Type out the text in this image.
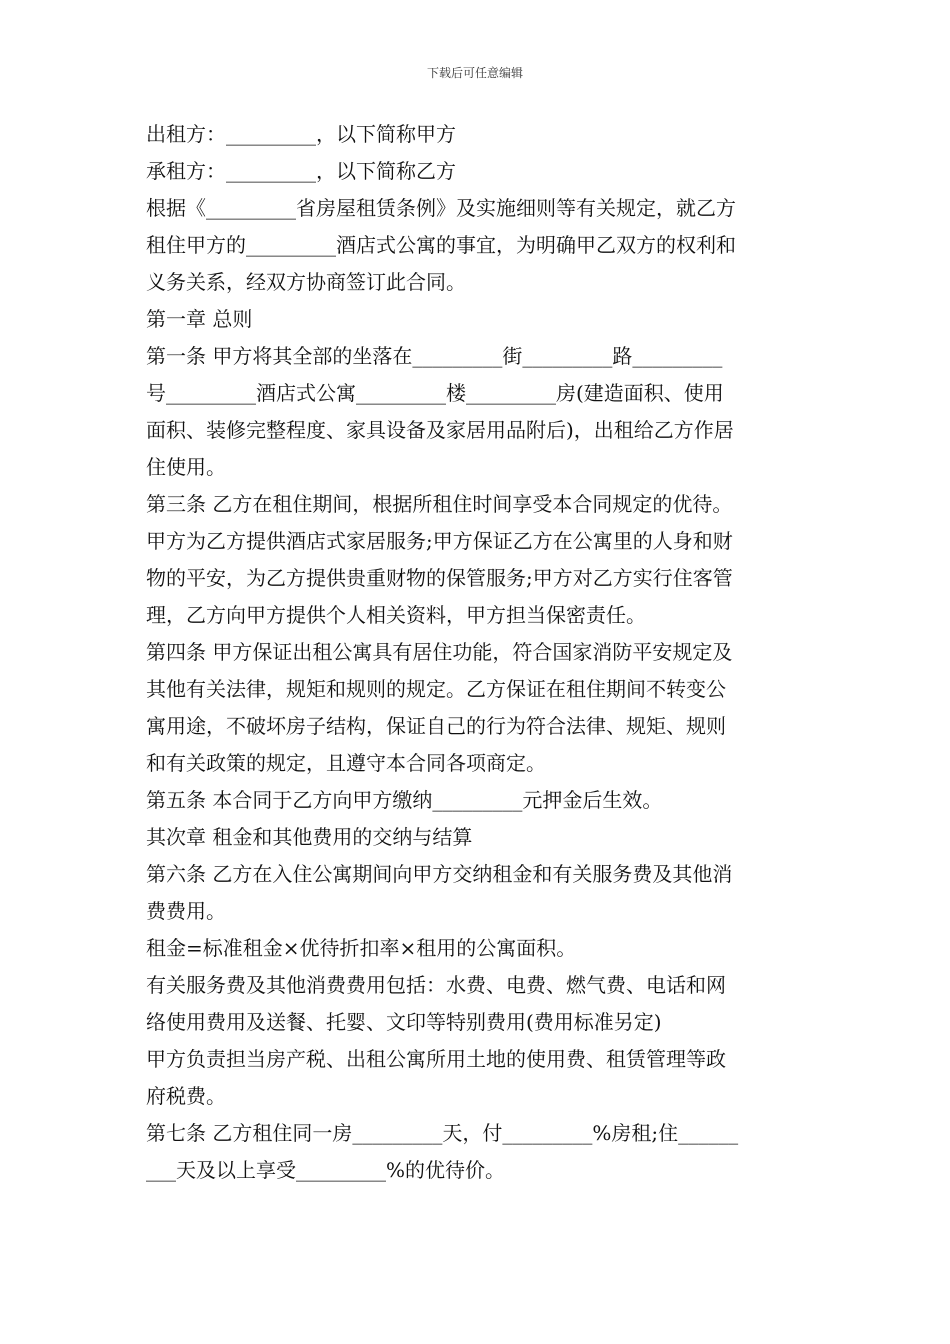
下载后可任意编辑
出租方：_________，以下简称甲方
承租方：_________，以下简称乙方
根据《_________省房屋租赁条例》及实施细则等有关规定，就乙方
租住甲方的_________酒店式公寓的事宜，为明确甲乙双方的权利和
义务关系，经双方协商签订此合同。
第一章 总则
第一条 甲方将其全部的坐落在_________街_________路_________
号_________酒店式公寓_________楼_________房(建造面积、使用
面积、装修完整程度、家具设备及家居用品附后)，出租给乙方作居
住使用。
第三条 乙方在租住期间，根据所租住时间享受本合同规定的优待。
甲方为乙方提供酒店式家居服务;甲方保证乙方在公寓里的人身和财
物的平安，为乙方提供贵重财物的保管服务;甲方对乙方实行住客管
理，乙方向甲方提供个人相关资料，甲方担当保密责任。
第四条 甲方保证出租公寓具有居住功能，符合国家消防平安规定及
其他有关法律，规矩和规则的规定。乙方保证在租住期间不转变公
寓用途，不破坏房子结构，保证自己的行为符合法律、规矩、规则
和有关政策的规定，且遵守本合同各项商定。
第五条 本合同于乙方向甲方缴纳_________元押金后生效。
其次章 租金和其他费用的交纳与结算
第六条 乙方在入住公寓期间向甲方交纳租金和有关服务费及其他消
费费用。
租金=标准租金×优待折扣率×租用的公寓面积。
有关服务费及其他消费费用包括：水费、电费、燃气费、电话和网
络使用费用及送餐、托婴、文印等特别费用(费用标准另定)
甲方负责担当房产税、出租公寓所用土地的使用费、租赁管理等政
府税费。
第七条 乙方租住同一房_________天，付_________%房租;住______
___天及以上享受_________%的优待价。
